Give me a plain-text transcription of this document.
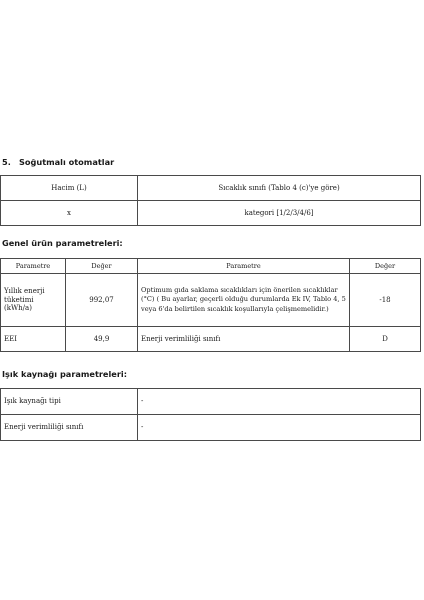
5. Soğutmalı otomatlar
Hacim (L)	Sıcaklık sınıfı (Tablo 4 (c)'ye göre)
x	kategori [1/2/3/4/6]
Genel ürün parametreleri:
Parametre	Değer	Parametre	Değer
Yıllık enerji tüketimi (kWh/a)	992,07	Optimum gıda saklama sıcaklıkları için önerilen sıcaklıklar (°C) ( Bu ayarlar, geçerli olduğu durumlarda Ek IV, Tablo 4, 5 veya 6'da belirtilen sıcaklık koşullarıyla çelişmemelidir.)	-18
EEI	49,9	Enerji verimliliği sınıfı	D
Işık kaynağı parametreleri:
Işık kaynağı tipi	-
Enerji verimliliği sınıfı	-
